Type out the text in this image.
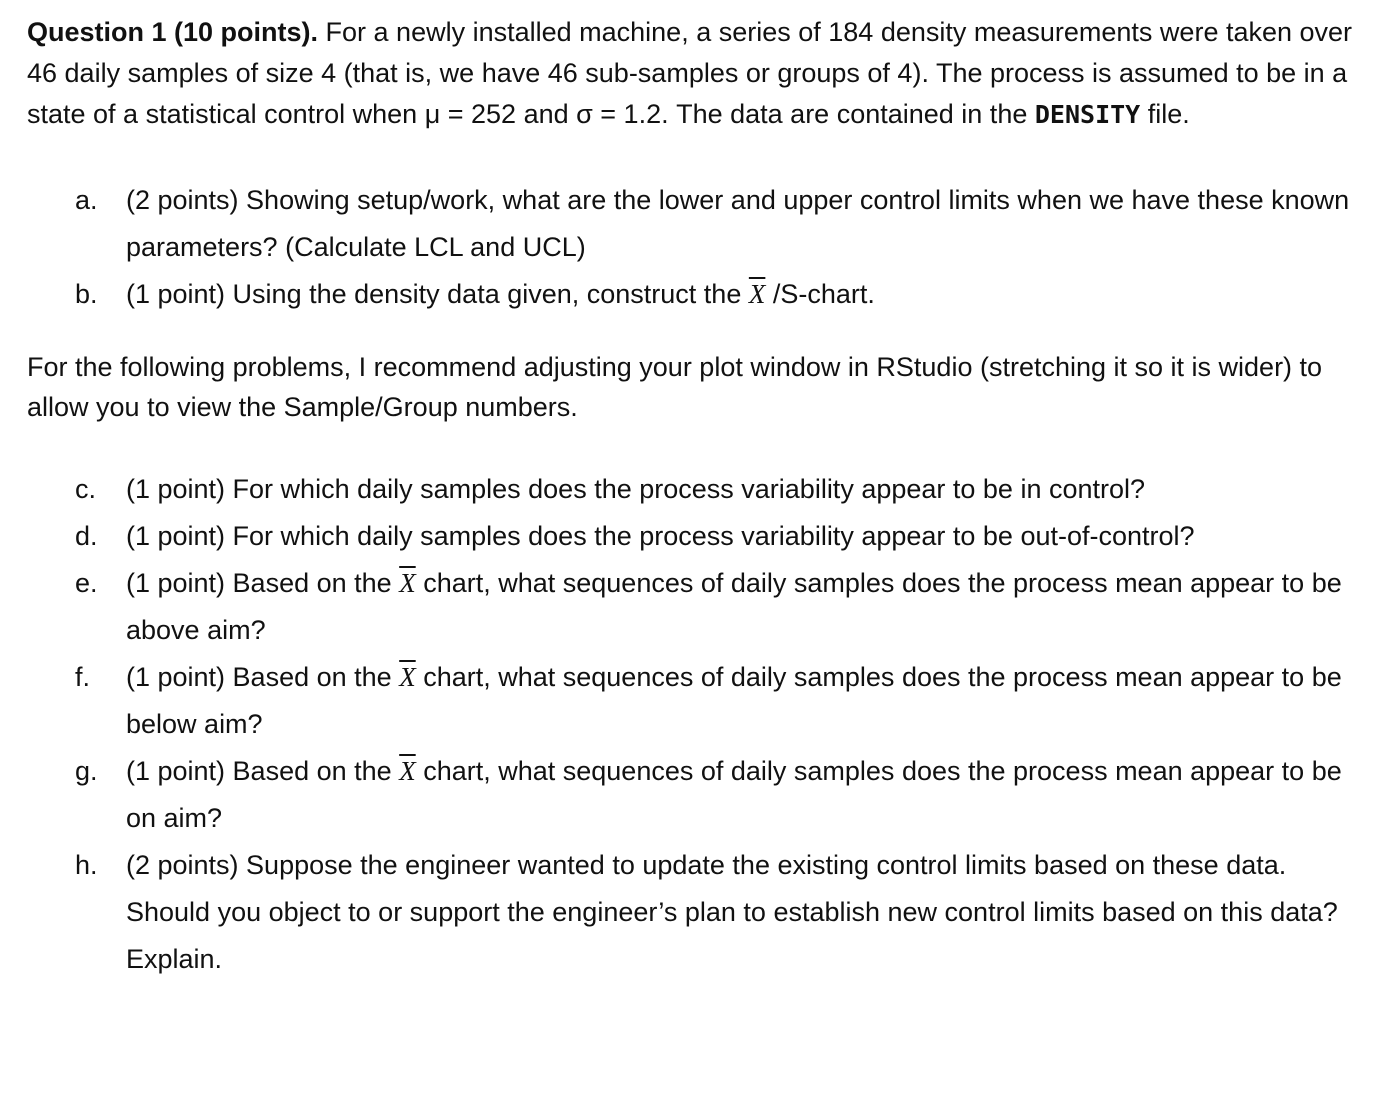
Question 1 (10 points). For a newly installed machine, a series of 184 density measurements were taken over 46 daily samples of size 4 (that is, we have 46 sub-samples or groups of 4). The process is assumed to be in a state of a statistical control when μ = 252 and σ = 1.2. The data are contained in the DENSITY file.

a. (2 points) Showing setup/work, what are the lower and upper control limits when we have these known parameters? (Calculate LCL and UCL)
b. (1 point) Using the density data given, construct the $\overline{X}$ /S-chart.

For the following problems, I recommend adjusting your plot window in RStudio (stretching it so it is wider) to allow you to view the Sample/Group numbers.

c. (1 point) For which daily samples does the process variability appear to be in control?
d. (1 point) For which daily samples does the process variability appear to be out-of-control?
e. (1 point) Based on the $\overline{X}$ chart, what sequences of daily samples does the process mean appear to be above aim?
f. (1 point) Based on the $\overline{X}$ chart, what sequences of daily samples does the process mean appear to be below aim?
g. (1 point) Based on the $\overline{X}$ chart, what sequences of daily samples does the process mean appear to be on aim?
h. (2 points) Suppose the engineer wanted to update the existing control limits based on these data. Should you object to or support the engineer’s plan to establish new control limits based on this data? Explain.
